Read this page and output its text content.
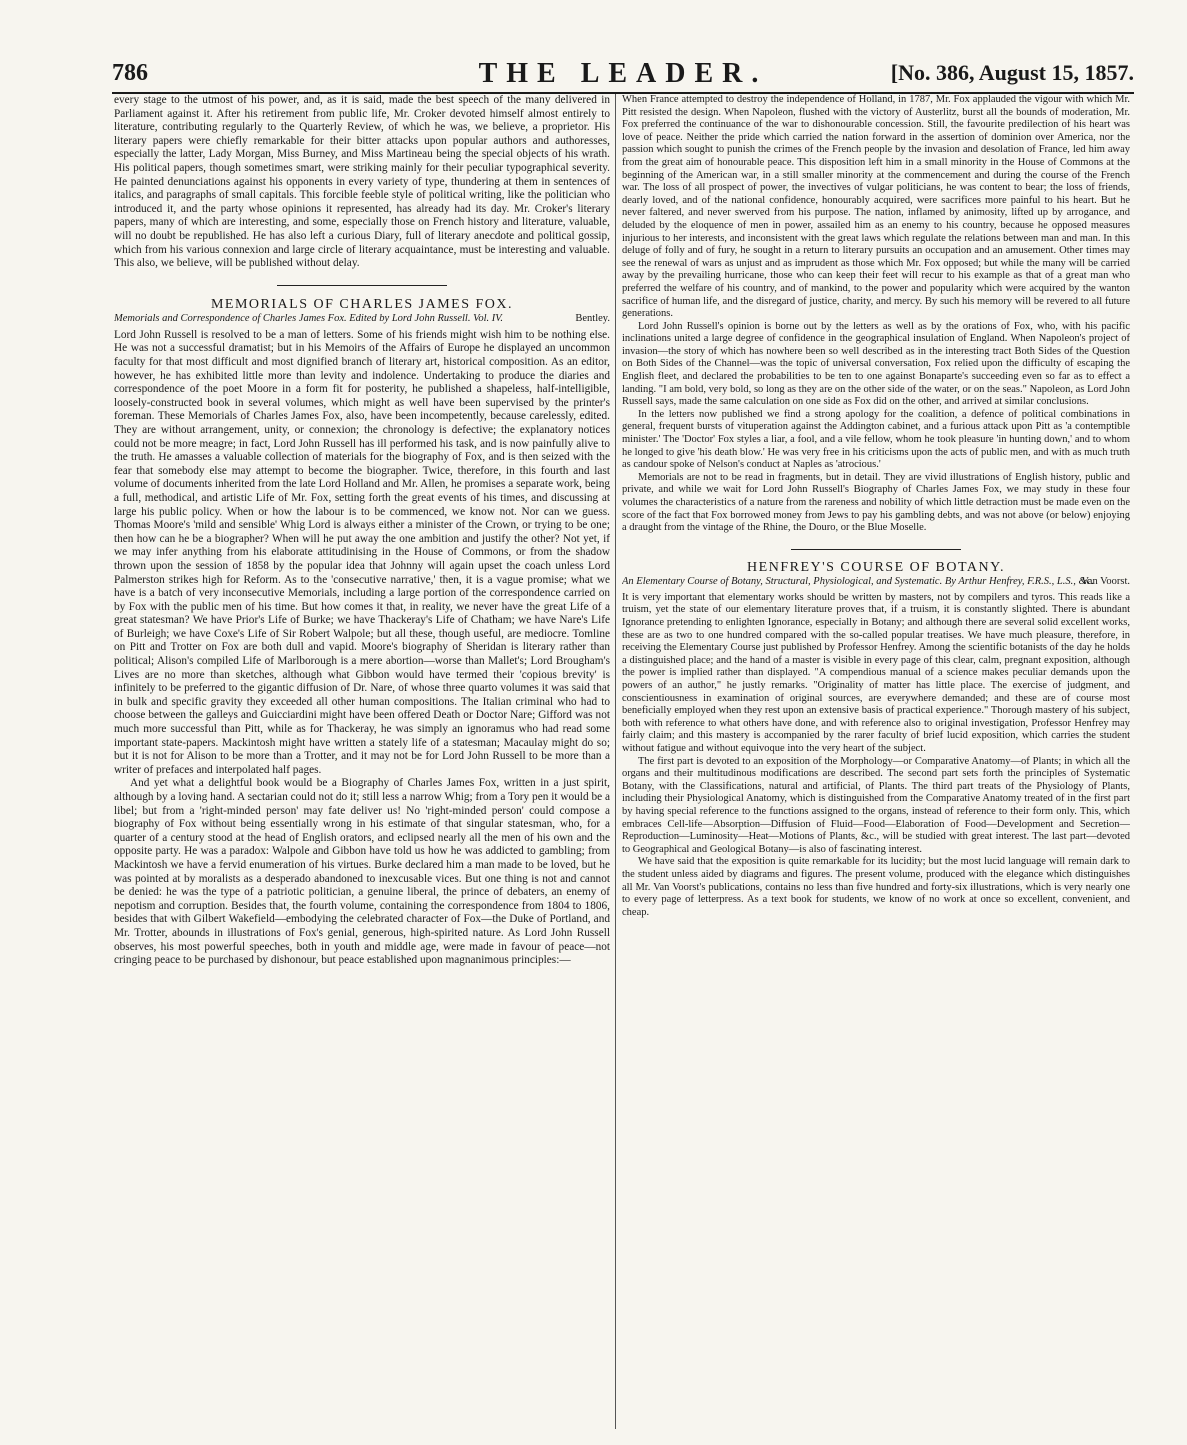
786	THE LEADER.	[No. 386, August 15, 1857.

every stage to the utmost of his power, and, as it is said, made the best speech of the many delivered in Parliament against it. After his retirement from public life, Mr. Croker devoted himself almost entirely to literature, contributing regularly to the Quarterly Review, of which he was, we believe, a proprietor. His literary papers were chiefly remarkable for their bitter attacks upon popular authors and authoresses, especially the latter, Lady Morgan, Miss Burney, and Miss Martineau being the special objects of his wrath. His political papers, though sometimes smart, were striking mainly for their peculiar typographical severity. He painted denunciations against his opponents in every variety of type, thundering at them in sentences of italics, and paragraphs of small capitals. This forcible feeble style of political writing, like the politician who introduced it, and the party whose opinions it represented, has already had its day. Mr. Croker's literary papers, many of which are interesting, and some, especially those on French history and literature, valuable, will no doubt be republished. He has also left a curious Diary, full of literary anecdote and political gossip, which from his various connexion and large circle of literary acquaintance, must be interesting and valuable. This also, we believe, will be published without delay.

MEMORIALS OF CHARLES JAMES FOX.
Memorials and Correspondence of Charles James Fox. Edited by Lord John Russell. Vol. IV.	Bentley.

Lord John Russell is resolved to be a man of letters. Some of his friends might wish him to be nothing else. He was not a successful dramatist; but in his Memoirs of the Affairs of Europe he displayed an uncommon faculty for that most difficult and most dignified branch of literary art, historical composition. As an editor, however, he has exhibited little more than levity and indolence. Undertaking to produce the diaries and correspondence of the poet Moore in a form fit for posterity, he published a shapeless, half-intelligible, loosely-constructed book in several volumes, which might as well have been supervised by the printer's foreman. These Memorials of Charles James Fox, also, have been incompetently, because carelessly, edited. They are without arrangement, unity, or connexion; the chronology is defective; the explanatory notices could not be more meagre; in fact, Lord John Russell has ill performed his task, and is now painfully alive to the truth. He amasses a valuable collection of materials for the biography of Fox, and is then seized with the fear that somebody else may attempt to become the biographer. Twice, therefore, in this fourth and last volume of documents inherited from the late Lord Holland and Mr. Allen, he promises a separate work, being a full, methodical, and artistic Life of Mr. Fox, setting forth the great events of his times, and discussing at large his public policy. When or how the labour is to be commenced, we know not. Nor can we guess. Thomas Moore's 'mild and sensible' Whig Lord is always either a minister of the Crown, or trying to be one; then how can he be a biographer? When will he put away the one ambition and justify the other? Not yet, if we may infer anything from his elaborate attitudinising in the House of Commons, or from the shadow thrown upon the session of 1858 by the popular idea that Johnny will again upset the coach unless Lord Palmerston strikes high for Reform. As to the 'consecutive narrative,' then, it is a vague promise; what we have is a batch of very inconsecutive Memorials, including a large portion of the correspondence carried on by Fox with the public men of his time. But how comes it that, in reality, we never have the great Life of a great statesman? We have Prior's Life of Burke; we have Thackeray's Life of Chatham; we have Nare's Life of Burleigh; we have Coxe's Life of Sir Robert Walpole; but all these, though useful, are mediocre. Tomline on Pitt and Trotter on Fox are both dull and vapid. Moore's biography of Sheridan is literary rather than political; Alison's compiled Life of Marlborough is a mere abortion—worse than Mallet's; Lord Brougham's Lives are no more than sketches, although what Gibbon would have termed their 'copious brevity' is infinitely to be preferred to the gigantic diffusion of Dr. Nare, of whose three quarto volumes it was said that in bulk and specific gravity they exceeded all other human compositions. The Italian criminal who had to choose between the galleys and Guicciardini might have been offered Death or Doctor Nare; Gifford was not much more successful than Pitt, while as for Thackeray, he was simply an ignoramus who had read some important state-papers. Mackintosh might have written a stately life of a statesman; Macaulay might do so; but it is not for Alison to be more than a Trotter, and it may not be for Lord John Russell to be more than a writer of prefaces and interpolated half pages.

And yet what a delightful book would be a Biography of Charles James Fox, written in a just spirit, although by a loving hand. A sectarian could not do it; still less a narrow Whig; from a Tory pen it would be a libel; but from a 'right-minded person' may fate deliver us! No 'right-minded person' could compose a biography of Fox without being essentially wrong in his estimate of that singular statesman, who, for a quarter of a century stood at the head of English orators, and eclipsed nearly all the men of his own and the opposite party. He was a paradox: Walpole and Gibbon have told us how he was addicted to gambling; from Mackintosh we have a fervid enumeration of his virtues. Burke declared him a man made to be loved, but he was pointed at by moralists as a desperado abandoned to inexcusable vices. But one thing is not and cannot be denied: he was the type of a patriotic politician, a genuine liberal, the prince of debaters, an enemy of nepotism and corruption. Besides that, the fourth volume, containing the correspondence from 1804 to 1806, besides that with Gilbert Wakefield—embodying the celebrated character of Fox—the Duke of Portland, and Mr. Trotter, abounds in illustrations of Fox's genial, generous, high-spirited nature. As Lord John Russell observes, his most powerful speeches, both in youth and middle age, were made in favour of peace—not cringing peace to be purchased by dishonour, but peace established upon magnanimous principles:—

When France attempted to destroy the independence of Holland, in 1787, Mr. Fox applauded the vigour with which Mr. Pitt resisted the design. When Napoleon, flushed with the victory of Austerlitz, burst all the bounds of moderation, Mr. Fox preferred the continuance of the war to dishonourable concession. Still, the favourite predilection of his heart was love of peace. Neither the pride which carried the nation forward in the assertion of dominion over America, nor the passion which sought to punish the crimes of the French people by the invasion and desolation of France, led him away from the great aim of honourable peace. This disposition left him in a small minority in the House of Commons at the beginning of the American war, in a still smaller minority at the commencement and during the course of the French war. The loss of all prospect of power, the invectives of vulgar politicians, he was content to bear; the loss of friends, dearly loved, and of the national confidence, honourably acquired, were sacrifices more painful to his heart. But he never faltered, and never swerved from his purpose. The nation, inflamed by animosity, lifted up by arrogance, and deluded by the eloquence of men in power, assailed him as an enemy to his country, because he opposed measures injurious to her interests, and inconsistent with the great laws which regulate the relations between man and man. In this deluge of folly and of fury, he sought in a return to literary pursuits an occupation and an amusement. Other times may see the renewal of wars as unjust and as imprudent as those which Mr. Fox opposed; but while the many will be carried away by the prevailing hurricane, those who can keep their feet will recur to his example as that of a great man who preferred the welfare of his country, and of mankind, to the power and popularity which were acquired by the wanton sacrifice of human life, and the disregard of justice, charity, and mercy. By such his memory will be revered to all future generations.

Lord John Russell's opinion is borne out by the letters as well as by the orations of Fox, who, with his pacific inclinations united a large degree of confidence in the geographical insulation of England. When Napoleon's project of invasion—the story of which has nowhere been so well described as in the interesting tract Both Sides of the Question on Both Sides of the Channel—was the topic of universal conversation, Fox relied upon the difficulty of escaping the English fleet, and declared the probabilities to be ten to one against Bonaparte's succeeding even so far as to effect a landing. "I am bold, very bold, so long as they are on the other side of the water, or on the seas." Napoleon, as Lord John Russell says, made the same calculation on one side as Fox did on the other, and arrived at similar conclusions.

In the letters now published we find a strong apology for the coalition, a defence of political combinations in general, frequent bursts of vituperation against the Addington cabinet, and a furious attack upon Pitt as 'a contemptible minister.' The 'Doctor' Fox styles a liar, a fool, and a vile fellow, whom he took pleasure 'in hunting down,' and to whom he longed to give 'his death blow.' He was very free in his criticisms upon the acts of public men, and with as much truth as candour spoke of Nelson's conduct at Naples as 'atrocious.'

Memorials are not to be read in fragments, but in detail. They are vivid illustrations of English history, public and private, and while we wait for Lord John Russell's Biography of Charles James Fox, we may study in these four volumes the characteristics of a nature from the rareness and nobility of which little detraction must be made even on the score of the fact that Fox borrowed money from Jews to pay his gambling debts, and was not above (or below) enjoying a draught from the vintage of the Rhine, the Douro, or the Blue Moselle.

HENFREY'S COURSE OF BOTANY.
An Elementary Course of Botany, Structural, Physiological, and Systematic. By Arthur Henfrey, F.R.S., L.S., &c.
Van Voorst.

It is very important that elementary works should be written by masters, not by compilers and tyros. This reads like a truism, yet the state of our elementary literature proves that, if a truism, it is constantly slighted. There is abundant Ignorance pretending to enlighten Ignorance, especially in Botany; and although there are several solid excellent works, these are as two to one hundred compared with the so-called popular treatises. We have much pleasure, therefore, in receiving the Elementary Course just published by Professor Henfrey. Among the scientific botanists of the day he holds a distinguished place; and the hand of a master is visible in every page of this clear, calm, pregnant exposition, although the power is implied rather than displayed. "A compendious manual of a science makes peculiar demands upon the powers of an author," he justly remarks. "Originality of matter has little place. The exercise of judgment, and conscientiousness in examination of original sources, are everywhere demanded; and these are of course most beneficially employed when they rest upon an extensive basis of practical experience." Thorough mastery of his subject, both with reference to what others have done, and with reference also to original investigation, Professor Henfrey may fairly claim; and this mastery is accompanied by the rarer faculty of brief lucid exposition, which carries the student without fatigue and without equivoque into the very heart of the subject.

The first part is devoted to an exposition of the Morphology—or Comparative Anatomy—of Plants; in which all the organs and their multitudinous modifications are described. The second part sets forth the principles of Systematic Botany, with the Classifications, natural and artificial, of Plants. The third part treats of the Physiology of Plants, including their Physiological Anatomy, which is distinguished from the Comparative Anatomy treated of in the first part by having special reference to the functions assigned to the organs, instead of reference to their form only. This, which embraces Cell-life—Absorption—Diffusion of Fluid—Food—Elaboration of Food—Development and Secretion—Reproduction—Luminosity—Heat—Motions of Plants, &c., will be studied with great interest. The last part—devoted to Geographical and Geological Botany—is also of fascinating interest.

We have said that the exposition is quite remarkable for its lucidity; but the most lucid language will remain dark to the student unless aided by diagrams and figures. The present volume, produced with the elegance which distinguishes all Mr. Van Voorst's publications, contains no less than five hundred and forty-six illustrations, which is very nearly one to every page of letterpress. As a text book for students, we know of no work at once so excellent, convenient, and cheap.
